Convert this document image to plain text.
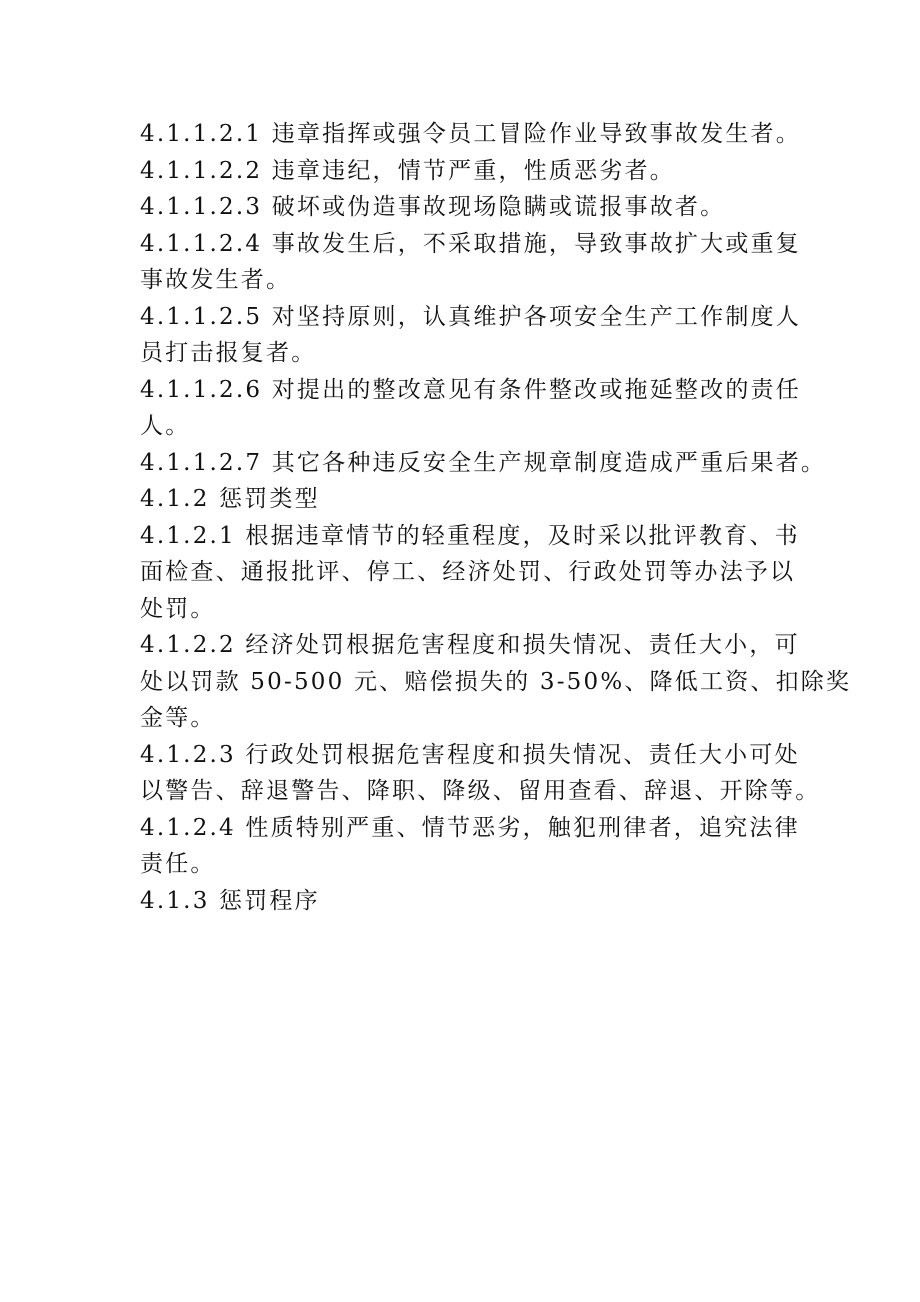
4.1.1.2.1 违章指挥或强令员工冒险作业导致事故发生者。
4.1.1.2.2 违章违纪，情节严重，性质恶劣者。
4.1.1.2.3 破坏或伪造事故现场隐瞒或谎报事故者。
4.1.1.2.4 事故发生后，不采取措施，导致事故扩大或重复
事故发生者。
4.1.1.2.5 对坚持原则，认真维护各项安全生产工作制度人
员打击报复者。
4.1.1.2.6 对提出的整改意见有条件整改或拖延整改的责任
人。
4.1.1.2.7 其它各种违反安全生产规章制度造成严重后果者。
4.1.2 惩罚类型
4.1.2.1 根据违章情节的轻重程度，及时采以批评教育、书
面检查、通报批评、停工、经济处罚、行政处罚等办法予以
处罚。
4.1.2.2 经济处罚根据危害程度和损失情况、责任大小，可
处以罚款 50-500 元、赔偿损失的 3-50%、降低工资、扣除奖
金等。
4.1.2.3 行政处罚根据危害程度和损失情况、责任大小可处
以警告、辞退警告、降职、降级、留用查看、辞退、开除等。
4.1.2.4 性质特别严重、情节恶劣，触犯刑律者，追究法律
责任。
4.1.3 惩罚程序
